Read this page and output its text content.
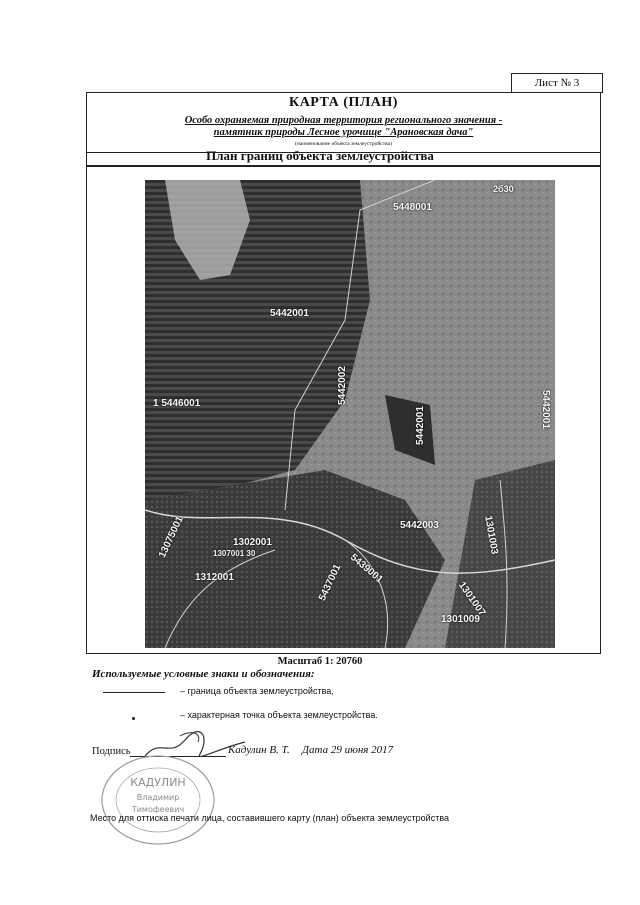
Лист № 3
КАРТА (ПЛАН)
Особо охраняемая природная территория регионального значения -
памятник природы Лесное урочище "Арановская дача"
(наименование объекта землеустройства)
План границ объекта землеустройства
2б30
5448001
5442001
1 5446001	5442002
5442001
5442003
13075001	1302001
1307001 30
1312001	5437001 5439001
1301003
1301007
1301009
5442001
Масштаб 1: 20760
Используемые условные знаки и обозначения:
– граница объекта землеустройства,
– характерная точка объекта землеустройства.
Подпись	Кадулин В. Т. Дата 29 июня 2017
КАДУЛИН
Владимир
Тимофеевич
Место для оттиска печати лица, составившего карту (план) объекта землеустройства
